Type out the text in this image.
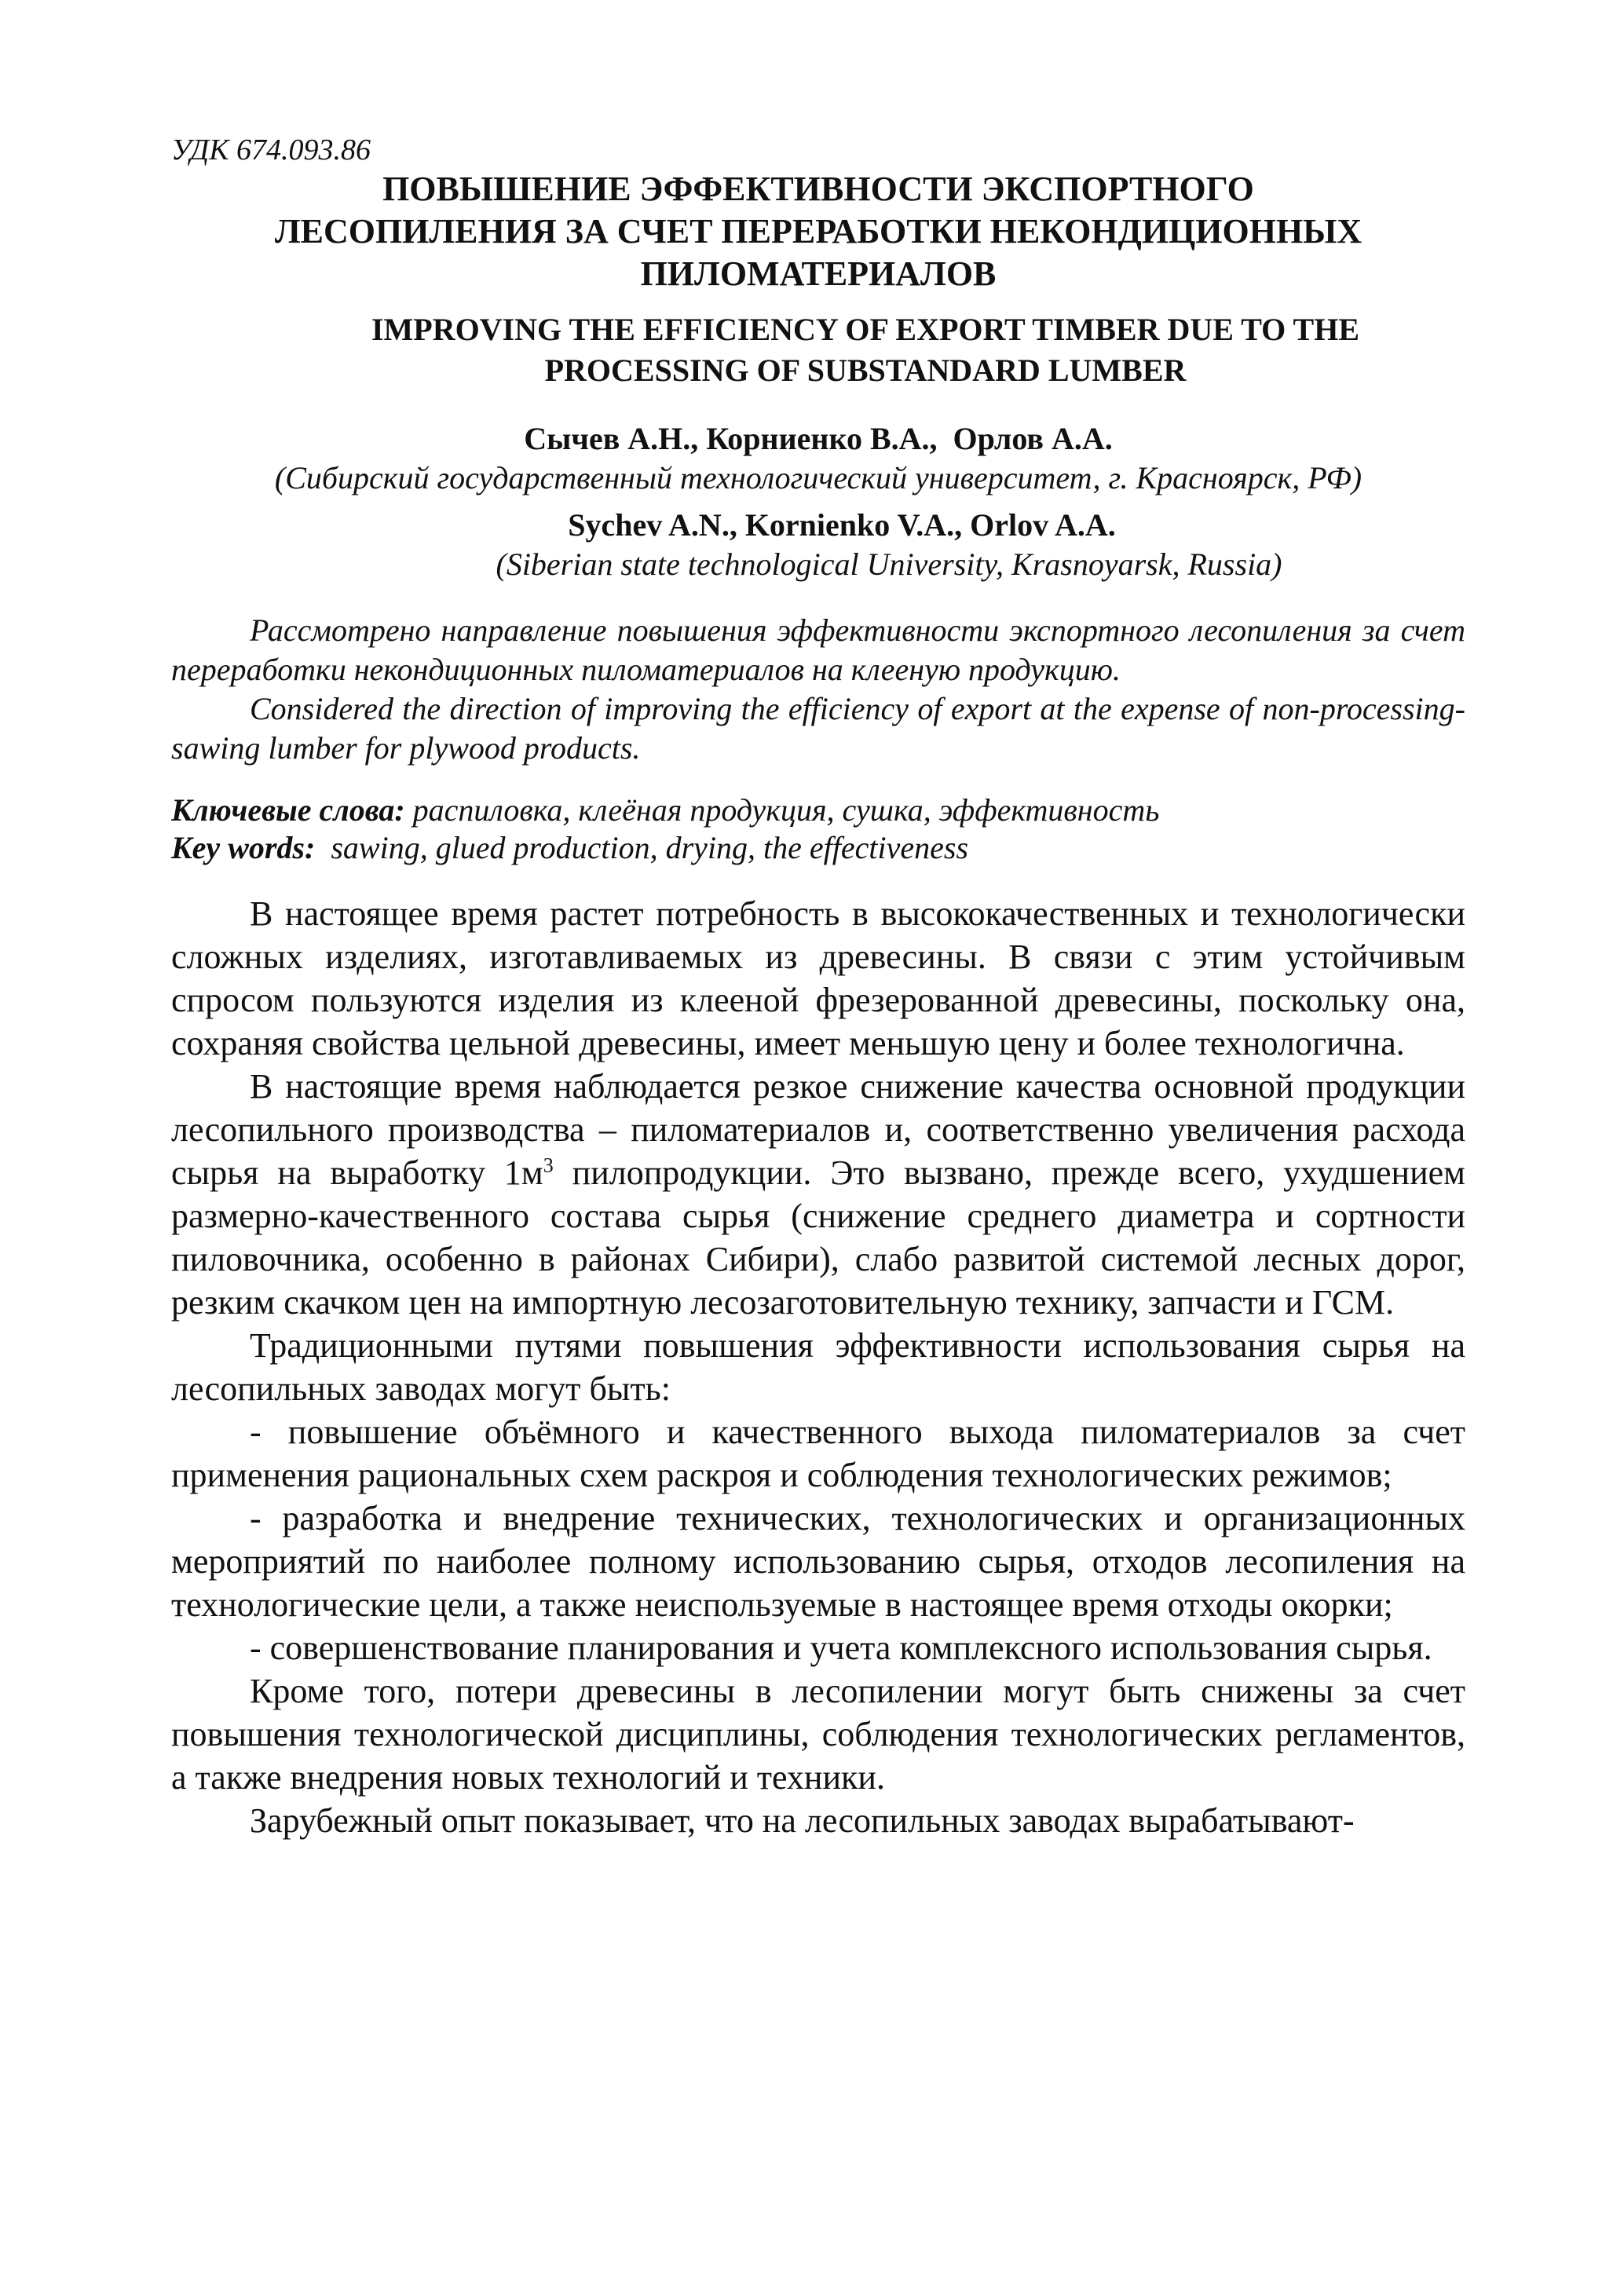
УДК 674.093.86

ПОВЫШЕНИЕ ЭФФЕКТИВНОСТИ ЭКСПОРТНОГО
ЛЕСОПИЛЕНИЯ ЗА СЧЕТ ПЕРЕРАБОТКИ НЕКОНДИЦИОННЫХ
ПИЛОМАТЕРИАЛОВ
IMPROVING THE EFFICIENCY OF EXPORT TIMBER DUE TO THE
PROCESSING OF SUBSTANDARD LUMBER

Сычев А.Н., Корниенко В.А.,  Орлов А.А.

(Сибирский государственный технологический университет, г. Красноярск, РФ)

Sychev A.N., Kornienko V.A., Orlov A.A.

(Siberian state technological University, Krasnoyarsk, Russia)

Рассмотрено направление повышения эффективности экспортного лесопиления за счет переработки некондиционных пиломатериалов на клееную продукцию.

Considered the direction of improving the efficiency of export at the expense of non-processing-sawing lumber for plywood products.

Ключевые слова: распиловка, клеёная продукция, сушка, эффективность

Key words:  sawing, glued production, drying, the effectiveness

В настоящее время растет потребность в высококачественных и технологически сложных изделиях, изготавливаемых из древесины. В связи с этим устойчивым спросом пользуются изделия из клееной фрезерованной древесины, поскольку она, сохраняя свойства цельной древесины, имеет меньшую цену и более технологична.

В настоящие время наблюдается резкое снижение качества основной продукции лесопильного производства – пиломатериалов и, соответственно увеличения расхода сырья на выработку $1м^3$ пилопродукции. Это вызвано, прежде всего, ухудшением размерно-качественного состава сырья (снижение среднего диаметра и сортности пиловочника, особенно в районах Сибири), слабо развитой системой лесных дорог, резким скачком цен на импортную лесозаготовительную технику, запчасти и ГСМ.

Традиционными путями повышения эффективности использования сырья на лесопильных заводах могут быть:

- повышение объёмного и качественного выхода пиломатериалов за счет применения рациональных схем раскроя и соблюдения технологических режимов;

- разработка и внедрение технических, технологических и организационных мероприятий по наиболее полному использованию сырья, отходов лесопиления на технологические цели, а также неиспользуемые в настоящее время отходы окорки;

- совершенствование планирования и учета комплексного использования сырья.

Кроме того, потери древесины в лесопилении могут быть снижены за счет повышения технологической дисциплины, соблюдения технологических регламентов, а также внедрения новых технологий и техники.

Зарубежный опыт показывает, что на лесопильных заводах вырабатывают-
